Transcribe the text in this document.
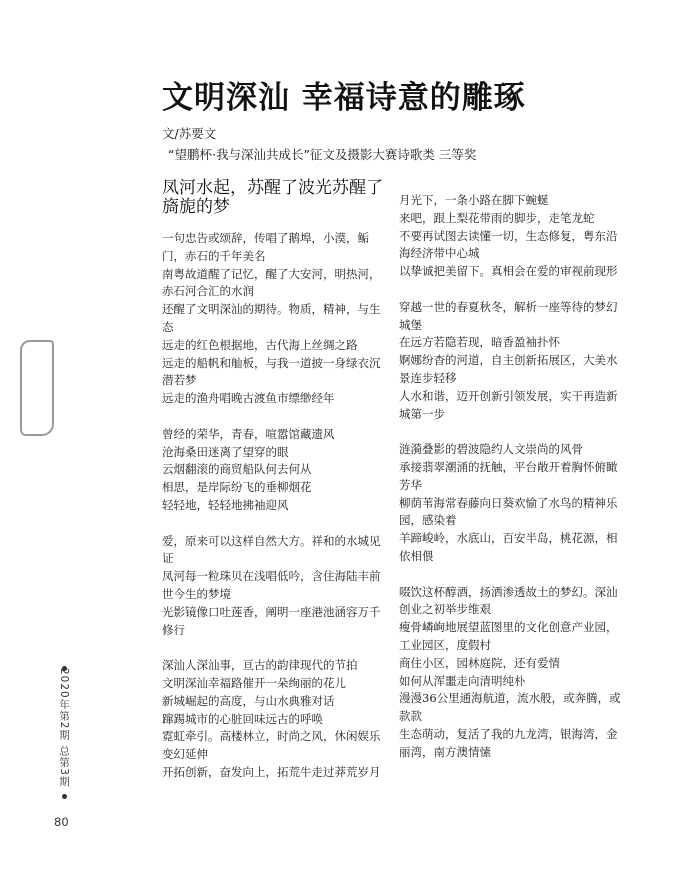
文明深汕 幸福诗意的雕琢
文/苏要文
“望鹏杯·我与深汕共成长”征文及摄影大赛诗歌类 三等奖
凤河水起，苏醒了波光苏醒了旖旎的梦
一句忠告或颂辞，传唱了鹅埠，小漠，鲘门，赤石的千年美名
南粤故道醒了记忆，醒了大安河，明热河，赤石河合汇的水润
还醒了文明深汕的期待。物质，精神，与生态
远走的红色根据地，古代海上丝绸之路
远走的船帆和舢板，与我一道披一身绿衣沉潜若梦
远走的渔舟唱晚古渡鱼市缥缈经年
曾经的荣华，青春，喧嚣馆藏遗风
沧海桑田迷离了望穿的眼
云烟翻滚的商贸船队何去何从
相思，是岸际纷飞的垂柳烟花
轻轻地，轻轻地拂袖迎风
爱，原来可以这样自然大方。祥和的水城见证
凤河每一粒珠贝在浅唱低吟，含住海陆丰前世今生的梦境
光影镜像口吐莲香，阐明一座港池涵容万千修行
深汕人深汕事，亘古的韵律现代的节拍
文明深汕幸福路催开一朵绚丽的花儿
新城崛起的高度，与山水典雅对话
蹿踢城市的心脏回味远古的呼唤
霓虹牵引。高楼林立，时尚之风，休闲娱乐变幻延伸
开拓创新，奋发向上，拓荒牛走过莽荒岁月
月光下，一条小路在脚下蜿蜒
来吧，跟上梨花带雨的脚步，走笔龙蛇
不要再试图去读懂一切，生态修复，粤东沿海经济带中心城
以挚诚把美留下。真相会在爱的审视前现形
穿越一世的春夏秋冬，解析一座等待的梦幻城堡
在远方若隐若现，暗香盈袖扑怀
婀娜纷杳的河道，自主创新拓展区，大美水景连步轻移
人水和谐，迈开创新引领发展，实干再造新城第一步
涟漪叠影的碧波隐约人文崇尚的风骨
承接翡翠潮涌的抚触，平台敞开着胸怀俯瞰芳华
柳荫苇海常春藤向日葵欢愉了水鸟的精神乐园，感染着
羊蹄峻岭，水底山，百安半岛，桃花源，相依相偎
啜饮这杯醇酒，扬洒渗透故土的梦幻。深汕创业之初举步维艰
瘦骨嶙峋地展望蓝图里的文化创意产业园，工业园区，度假村
商住小区，园林庭院，还有爱情
如何从浑噩走向清明纯朴
漫漫36公里通海航道，流水般，或奔腾，或款款
生态萌动，复活了我的九龙湾，银海湾，金丽湾，南方澳情愫
2020年第2期 总第3期
80
